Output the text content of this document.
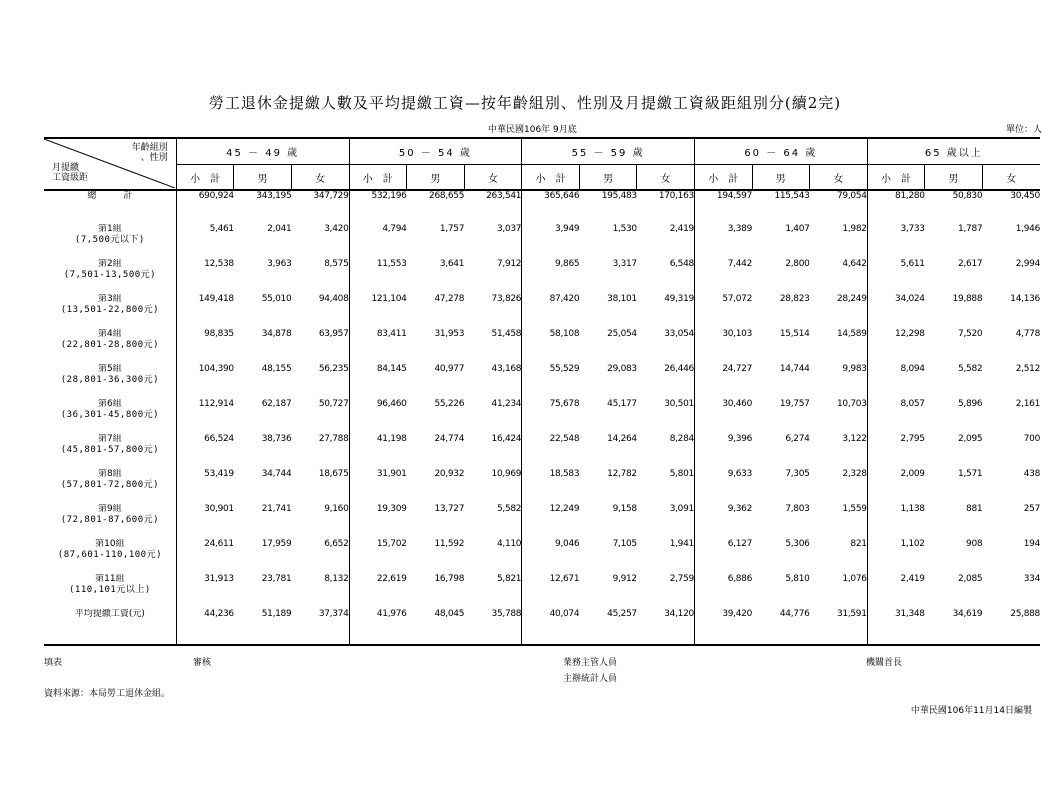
勞工退休金提繳人數及平均提繳工資—按年齡組別、性別及月提繳工資級距組別分(續2完)
中華民國106年 9月底	單位：人
年齡組別
、性別
月提繳
工資級距	45 － 49 歲			50 － 54 歲			55 － 59 歲			60 － 64 歲			65 歲以上		
	小　計	男	女	小　計	男	女	小　計	男	女	小　計	男	女	小　計	男	女

總　　　計	690,924	343,195	347,729	532,196	268,655	263,541	365,646	195,483	170,163	194,597	115,543	79,054	81,280	50,830	30,450

第1組
(7,500元以下)	5,461	2,041	3,420	4,794	1,757	3,037	3,949	1,530	2,419	3,389	1,407	1,982	3,733	1,787	1,946

第2組
(7,501-13,500元)	12,538	3,963	8,575	11,553	3,641	7,912	9,865	3,317	6,548	7,442	2,800	4,642	5,611	2,617	2,994

第3組
(13,501-22,800元)	149,418	55,010	94,408	121,104	47,278	73,826	87,420	38,101	49,319	57,072	28,823	28,249	34,024	19,888	14,136

第4組
(22,801-28,800元)	98,835	34,878	63,957	83,411	31,953	51,458	58,108	25,054	33,054	30,103	15,514	14,589	12,298	7,520	4,778

第5組
(28,801-36,300元)	104,390	48,155	56,235	84,145	40,977	43,168	55,529	29,083	26,446	24,727	14,744	9,983	8,094	5,582	2,512

第6組
(36,301-45,800元)	112,914	62,187	50,727	96,460	55,226	41,234	75,678	45,177	30,501	30,460	19,757	10,703	8,057	5,896	2,161

第7組
(45,801-57,800元)	66,524	38,736	27,788	41,198	24,774	16,424	22,548	14,264	8,284	9,396	6,274	3,122	2,795	2,095	700

第8組
(57,801-72,800元)	53,419	34,744	18,675	31,901	20,932	10,969	18,583	12,782	5,801	9,633	7,305	2,328	2,009	1,571	438

第9組
(72,801-87,600元)	30,901	21,741	9,160	19,309	13,727	5,582	12,249	9,158	3,091	9,362	7,803	1,559	1,138	881	257

第10組
(87,601-110,100元)	24,611	17,959	6,652	15,702	11,592	4,110	9,046	7,105	1,941	6,127	5,306	821	1,102	908	194

第11組
(110,101元以上)	31,913	23,781	8,132	22,619	16,798	5,821	12,671	9,912	2,759	6,886	5,810	1,076	2,419	2,085	334

平均提繳工資(元)	44,236	51,189	37,374	41,976	48,045	35,788	40,074	45,257	34,120	39,420	44,776	31,591	31,348	34,619	25,888
填表	審核	業務主管人員
主辦統計人員
機關首長
資料來源：本局勞工退休金組。
中華民國106年11月14日編製
